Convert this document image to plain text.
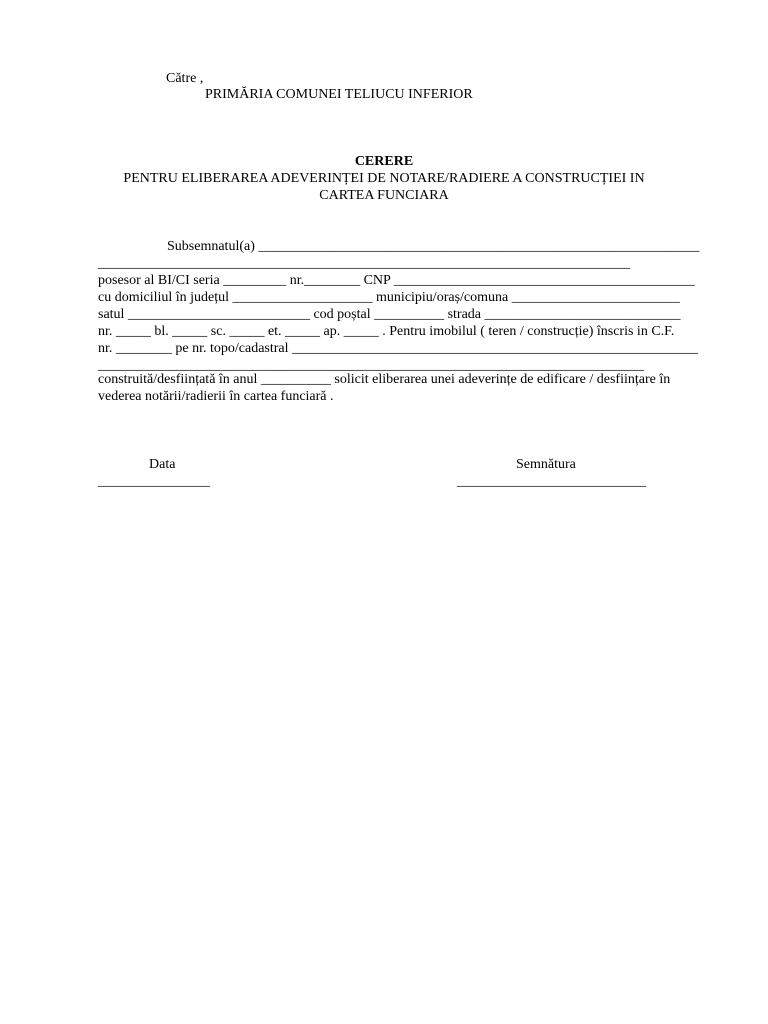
Către ,
PRIMĂRIA COMUNEI TELIUCU INFERIOR
CERERE
PENTRU ELIBERAREA ADEVERINȚEI DE NOTARE/RADIERE A CONSTRUCȚIEI IN
CARTEA FUNCIARA
Subsemnatul(a) _______________________________________________________________
____________________________________________________________________________
posesor al BI/CI seria _________ nr.________ CNP ___________________________________________
cu domiciliul în județul ____________________ municipiu/oraș/comuna ________________________
satul __________________________ cod poștal __________ strada ____________________________
nr. _____ bl. _____ sc. _____ et. _____ ap. _____ . Pentru imobilul ( teren / construcție) înscris in C.F.
nr. ________ pe nr. topo/cadastral __________________________________________________________
______________________________________________________________________________
construită/desființată în anul __________ solicit eliberarea unei adeverințe de edificare / desființare în
vederea notării/radierii în cartea funciară .
Data
________________
Semnătura
___________________________
